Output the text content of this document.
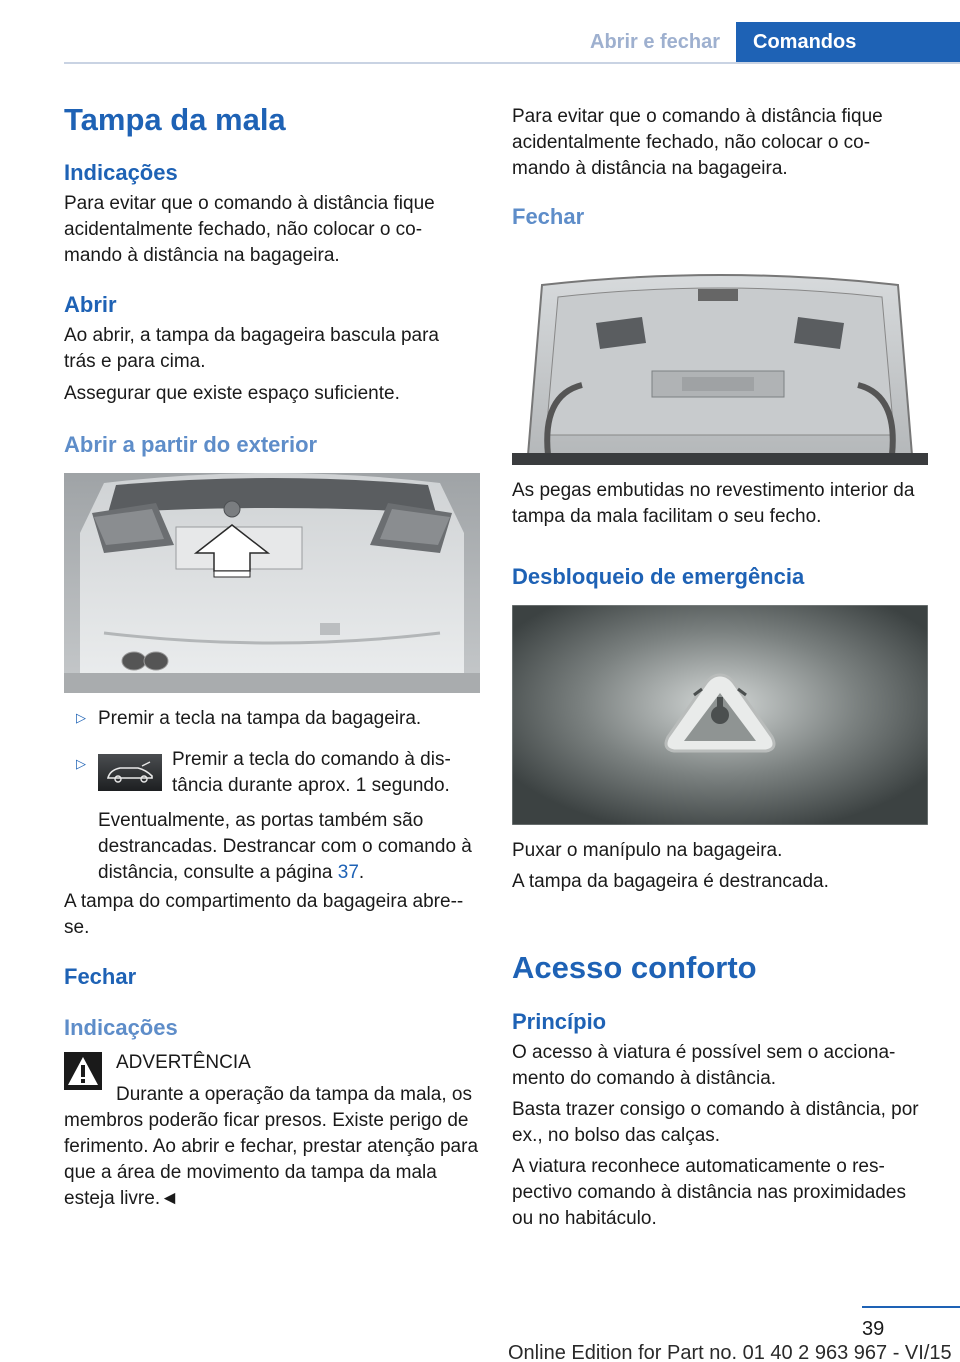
Abrir e fechar	Comandos
Tampa da mala
Indicações
Para evitar que o comando à distância fique acidentalmente fechado, não colocar o co-mando à distância na bagageira.
Abrir
Ao abrir, a tampa da bagageira bascula para trás e para cima.
Assegurar que existe espaço suficiente.
Abrir a partir do exterior
▷ Premir a tecla na tampa da bagageira.
▷	Premir a tecla do comando à dis-
tância durante aprox. 1 segundo.
Eventualmente, as portas também são destrancadas. Destrancar com o comando à distância, consulte a página 37.
A tampa do compartimento da bagageira abre--se.
Fechar
Indicações
ADVERTÊNCIA
Durante a operação da tampa da mala, os
membros poderão ficar presos. Existe perigo de ferimento. Ao abrir e fechar, prestar atenção para que a área de movimento da tampa da mala esteja livre.◄
Para evitar que o comando à distância fique acidentalmente fechado, não colocar o co-mando à distância na bagageira.
Fechar
As pegas embutidas no revestimento interior da tampa da mala facilitam o seu fecho.
Desbloqueio de emergência
Puxar o manípulo na bagageira.
A tampa da bagageira é destrancada.
Acesso conforto
Princípio
O acesso à viatura é possível sem o acciona-mento do comando à distância.
Basta trazer consigo o comando à distância, por ex., no bolso das calças.
A viatura reconhece automaticamente o res-pectivo comando à distância nas proximidades ou no habitáculo.
39
Online Edition for Part no. 01 40 2 963 967 - VI/15
